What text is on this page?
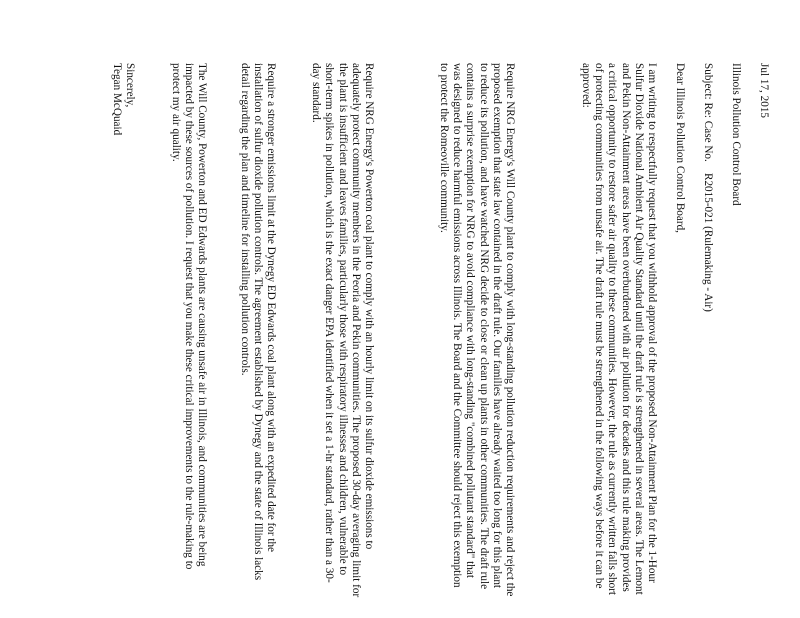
Jul 17, 2015
Illinois Pollution Control Board
Subject: Re: Case No.    R2015-021 (Rulemaking - Air)
Dear Illinois Pollution Control Board,
I am writing to respectfully request that you withhold approval of the proposed Non-Attainment Plan for the 1-Hour Sulfur Dioxide National Ambient Air Quality Standard until the draft rule is strengthened in several areas. The Lemont and Pekin Non-Attainment areas have been overburdened with air pollution for decades and this rule making provides a critical opportunity to restore safer air quality to these communities. However, the rule as currently written falls short of protecting communities from unsafe air. The draft rule must be strengthened in the following ways before it can be approved:
Require NRG Energy's Will County plant to comply with long-standing pollution reduction requirements and reject the proposed exemption that state law contained in the draft rule. Our families have already waited too long for this plant to reduce its pollution, and have watched NRG decide to close or clean up plants in other communities. The draft rule contains a surprise exemption for NRG to avoid compliance with long-standing "combined pollutant standard" that was designed to reduce harmful emissions across Illinois. The Board and the Committee should reject this exemption to protect the Romeoville community.
Require NRG Energy's Powerton coal plant to comply with an hourly limit on its sulfur dioxide emissions to adequately protect community members in the Peoria and Pekin communities. The proposed 30-day averaging limit for the plant is insufficient and leaves families, particularly those with respiratory illnesses and children, vulnerable to short-term spikes in pollution, which is the exact danger EPA identified when it set a 1-hr standard, rather than a 30-day standard.
Require a stronger emissions limit at the Dynegy ED Edwards coal plant along with an expedited date for the installation of sulfur dioxide pollution controls. The agreement established by Dynegy and the state of Illinois lacks detail regarding the plan and timeline for installing pollution controls.
The Will County, Powerton and ED Edwards plants are causing unsafe air in Illinois, and communities are being impacted by these sources of pollution. I request that you make these critical improvements to the rule-making to protect my air quality.
Sincerely,
Tegan McQuaid
